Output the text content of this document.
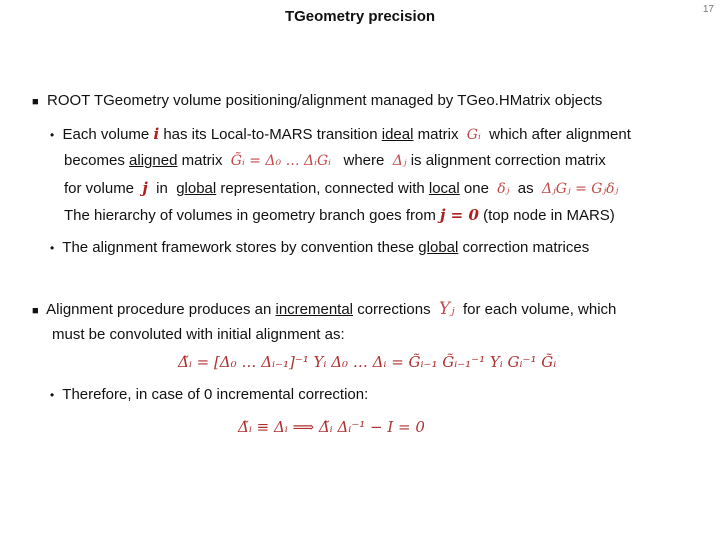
TGeometry precision	17
■ ROOT TGeometry volume positioning/alignment managed by TGeo.HMatrix objects
• Each volume i has its Local-to-MARS transition ideal matrix Gᵢ which after alignment
becomes aligned matrix G̃ᵢ = Δ₀ … ΔᵢGᵢ where Δⱼ is alignment correction matrix
for volume j in global representation, connected with local one δⱼ as ΔⱼGⱼ = Gⱼδⱼ
The hierarchy of volumes in geometry branch goes from j = 0 (top node in MARS)
• The alignment framework stores by convention these global correction matrices
■ Alignment procedure produces an incremental corrections Υⱼ for each volume, which
must be convoluted with initial alignment as:
Δ̃ᵢ = [Δ₀ … Δᵢ₋₁]⁻¹ Υᵢ Δ₀ … Δᵢ = G̃ᵢ₋₁ G̃ᵢ₋₁⁻¹ Υᵢ Gᵢ⁻¹ G̃ᵢ
• Therefore, in case of 0 incremental correction:
Δ̃ᵢ ≡ Δᵢ ⟹ Δ̃ᵢ Δᵢ⁻¹ − I = 0
